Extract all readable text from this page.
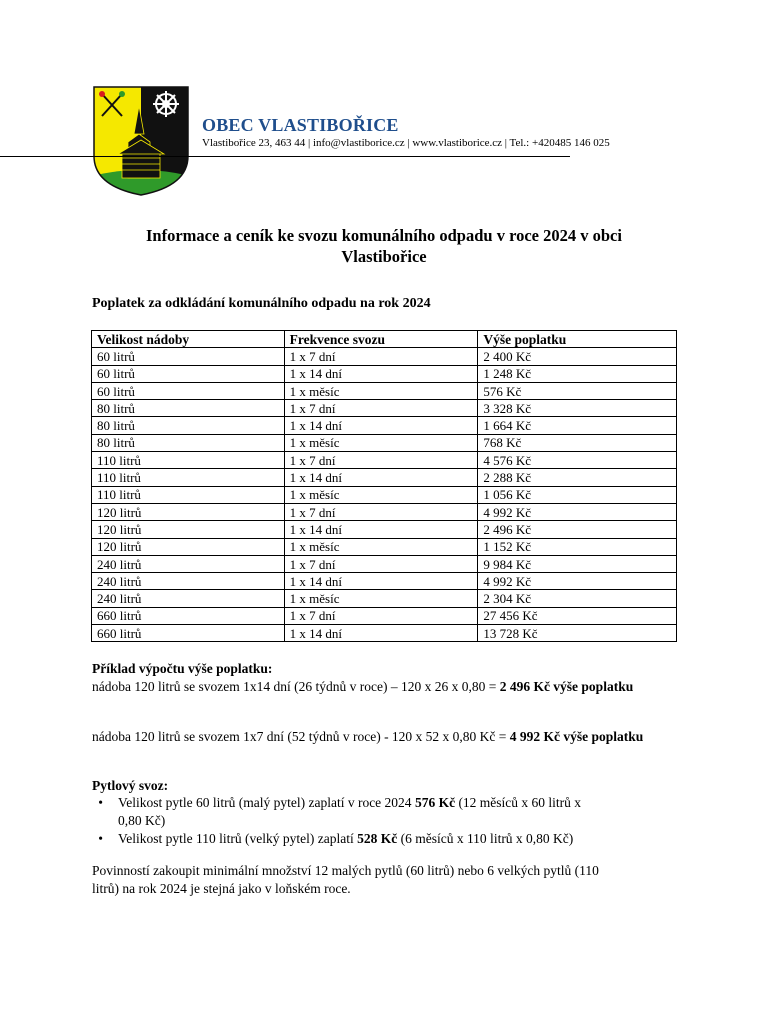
OBEC VLASTIBOŘICE
Vlastibořice 23, 463 44 | info@vlastiborice.cz | www.vlastiborice.cz | Tel.: +420485 146 025
Informace a ceník ke svozu komunálního odpadu v roce 2024 v obci
Vlastibořice
Poplatek za odkládání komunálního odpadu na rok 2024
Velikost nádoby	Frekvence svozu	Výše poplatku
60 litrů	1 x 7 dní	2 400 Kč
60 litrů	1 x 14 dní	1 248 Kč
60 litrů	1 x měsíc	576 Kč
80 litrů	1 x 7 dní	3 328 Kč
80 litrů	1 x 14 dní	1 664 Kč
80 litrů	1 x měsíc	768 Kč
110 litrů	1 x 7 dní	4 576 Kč
110 litrů	1 x 14 dní	2 288 Kč
110 litrů	1 x měsíc	1 056 Kč
120 litrů	1 x 7 dní	4 992 Kč
120 litrů	1 x 14 dní	2 496 Kč
120 litrů	1 x měsíc	1 152 Kč
240 litrů	1 x 7 dní	9 984 Kč
240 litrů	1 x 14 dní	4 992 Kč
240 litrů	1 x měsíc	2 304 Kč
660 litrů	1 x 7 dní	27 456 Kč
660 litrů	1 x 14 dní	13 728 Kč
Příklad výpočtu výše poplatku:
nádoba 120 litrů se svozem 1x14 dní (26 týdnů v roce) – 120 x 26 x 0,80 = 2 496 Kč výše poplatku
nádoba 120 litrů se svozem 1x7 dní (52 týdnů v roce) - 120 x 52 x 0,80 Kč = 4 992 Kč výše poplatku
Pytlový svoz:
•	Velikost pytle 60 litrů (malý pytel) zaplatí v roce 2024 576 Kč (12 měsíců x 60 litrů x
0,80 Kč)
•	Velikost pytle 110 litrů (velký pytel) zaplatí 528 Kč (6 měsíců x 110 litrů x 0,80 Kč)
Povinností zakoupit minimální množství 12 malých pytlů (60 litrů) nebo 6 velkých pytlů (110
litrů) na rok 2024 je stejná jako v loňském roce.
